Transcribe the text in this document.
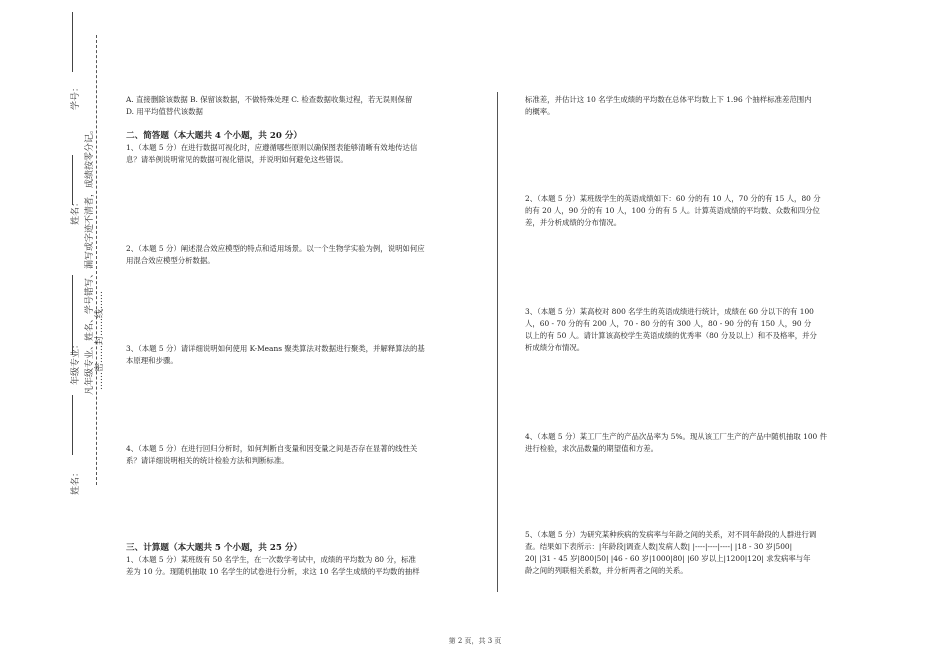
学号：
姓名：
年级专业：
姓名：
凡年级专业、姓名、学号错写、漏写或字迹不清者，成绩按零分记。 ……密……封……线……

A. 直接删除该数据 B. 保留该数据，不做特殊处理 C. 检查数据收集过程，若无误则保留

D. 用平均值替代该数据

二、简答题（本大题共 4 个小题，共 20 分）

1、（本题 5 分）在进行数据可视化时，应遵循哪些原则以确保图表能够清晰有效地传达信

息？请举例说明常见的数据可视化错误，并说明如何避免这些错误。

2、（本题 5 分）阐述混合效应模型的特点和适用场景。以一个生物学实验为例，说明如何应

用混合效应模型分析数据。

3、（本题 5 分）请详细说明如何使用 K-Means 聚类算法对数据进行聚类，并解释算法的基

本原理和步骤。

4、（本题 5 分）在进行回归分析时，如何判断自变量和因变量之间是否存在显著的线性关

系？请详细说明相关的统计检验方法和判断标准。

三、计算题（本大题共 5 个小题，共 25 分）

1、（本题 5 分）某班级有 50 名学生，在一次数学考试中，成绩的平均数为 80 分，标准

差为 10 分。现随机抽取 10 名学生的试卷进行分析，求这 10 名学生成绩的平均数的抽样

标准差，并估计这 10 名学生成绩的平均数在总体平均数上下 1.96 个抽样标准差范围内

的概率。

2、（本题 5 分）某班级学生的英语成绩如下：60 分的有 10 人，70 分的有 15 人，80 分

的有 20 人，90 分的有 10 人，100 分的有 5 人。计算英语成绩的平均数、众数和四分位

差，并分析成绩的分布情况。

3、（本题 5 分）某高校对 800 名学生的英语成绩进行统计，成绩在 60 分以下的有 100

人，60 - 70 分的有 200 人，70 - 80 分的有 300 人，80 - 90 分的有 150 人，90 分

以上的有 50 人。请计算该高校学生英语成绩的优秀率（80 分及以上）和不及格率，并分

析成绩分布情况。

4、（本题 5 分）某工厂生产的产品次品率为 5%。现从该工厂生产的产品中随机抽取 100 件

进行检验，求次品数量的期望值和方差。

5、（本题 5 分）为研究某种疾病的发病率与年龄之间的关系，对不同年龄段的人群进行调

查。结果如下表所示：|年龄段|调查人数|发病人数| |----|----|----| |18 - 30 岁|500|

20| |31 - 45 岁|800|50| |46 - 60 岁|1000|80| |60 岁以上|1200|120| 求发病率与年

龄之间的列联相关系数，并分析两者之间的关系。

第 2 页，共 3 页
